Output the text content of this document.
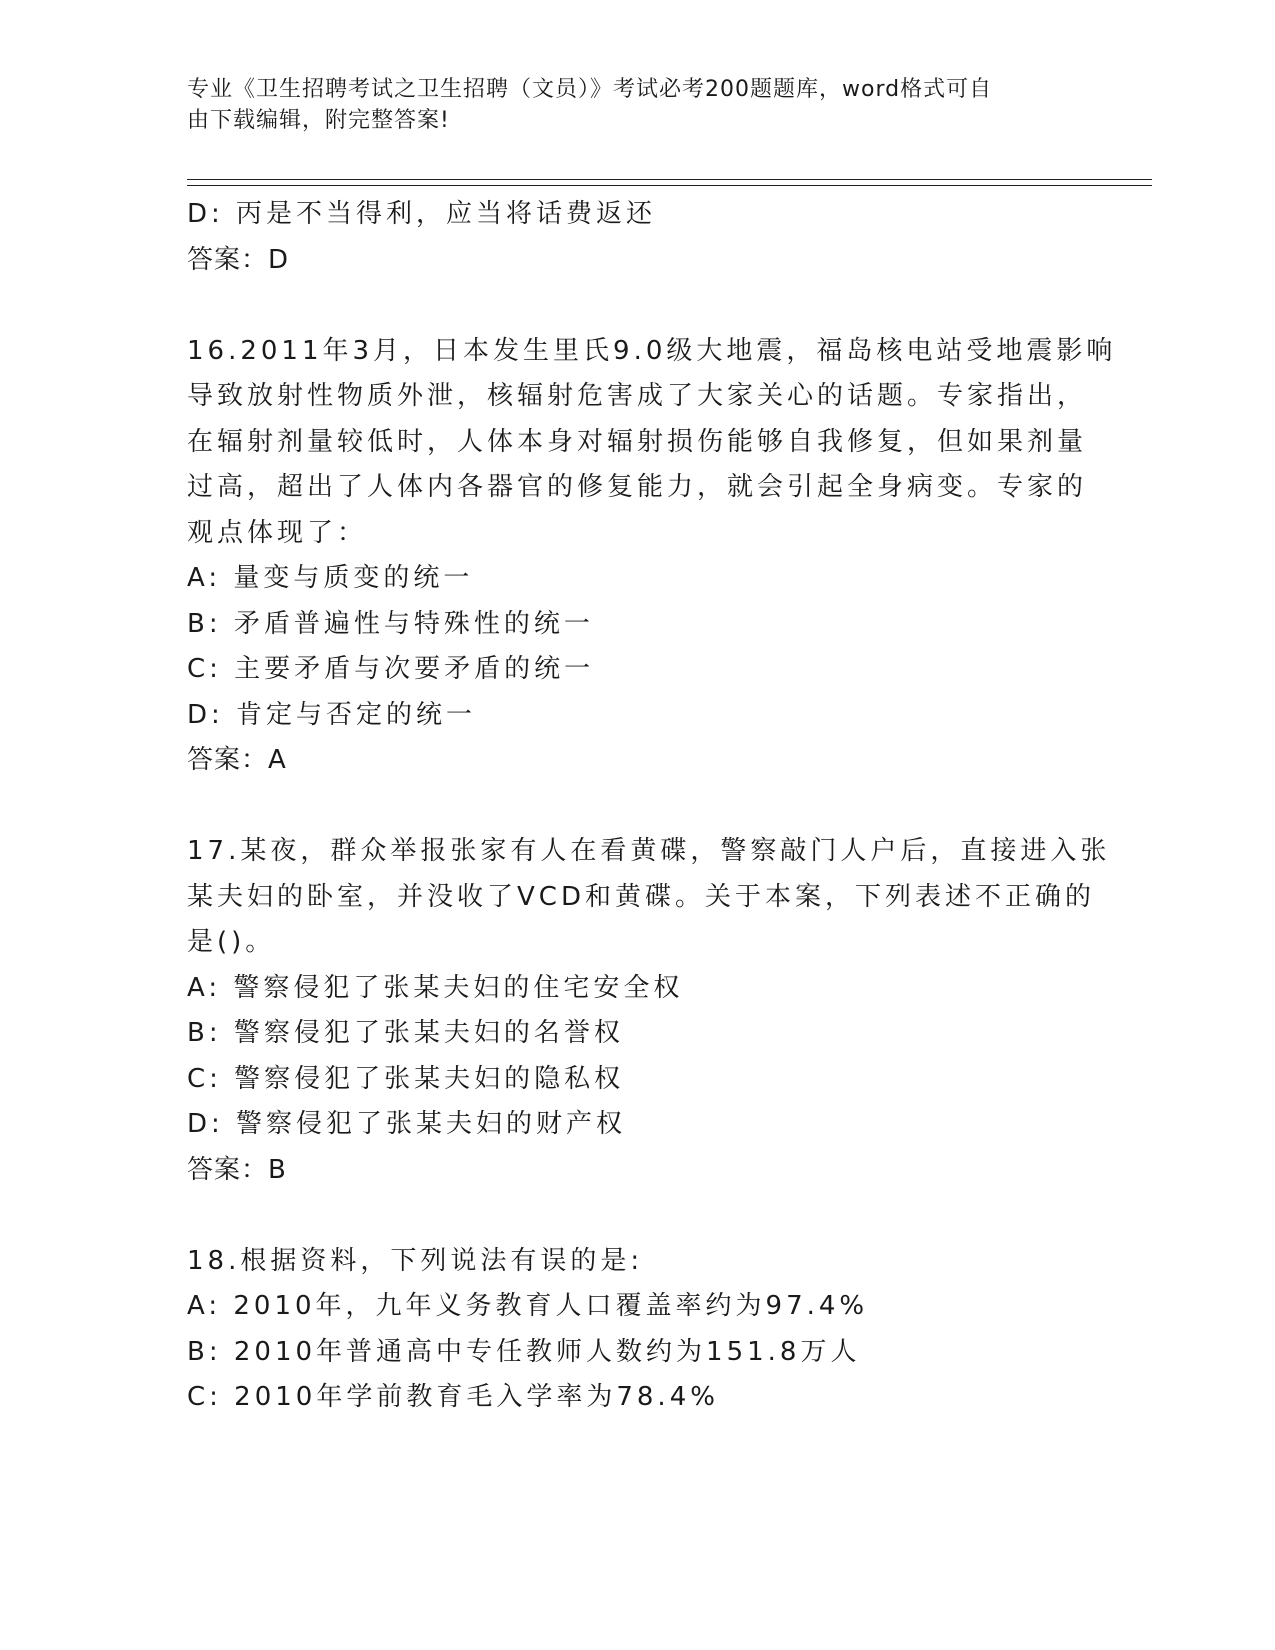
专业《卫生招聘考试之卫生招聘（文员）》考试必考200题题库，word格式可自
由下载编辑，附完整答案!
D: 丙是不当得利，应当将话费返还
答案：D
16.2011年3月，日本发生里氏9.0级大地震，福岛核电站受地震影响
导致放射性物质外泄，核辐射危害成了大家关心的话题。专家指出，
在辐射剂量较低时，人体本身对辐射损伤能够自我修复，但如果剂量
过高，超出了人体内各器官的修复能力，就会引起全身病变。专家的
观点体现了：
A: 量变与质变的统一
B: 矛盾普遍性与特殊性的统一
C: 主要矛盾与次要矛盾的统一
D: 肯定与否定的统一
答案：A
17.某夜，群众举报张家有人在看黄碟，警察敲门人户后，直接进入张
某夫妇的卧室，并没收了VCD和黄碟。关于本案，下列表述不正确的
是()。
A: 警察侵犯了张某夫妇的住宅安全权
B: 警察侵犯了张某夫妇的名誉权
C: 警察侵犯了张某夫妇的隐私权
D: 警察侵犯了张某夫妇的财产权
答案：B
18.根据资料，下列说法有误的是:
A: 2010年，九年义务教育人口覆盖率约为97.4%
B: 2010年普通高中专任教师人数约为151.8万人
C: 2010年学前教育毛入学率为78.4%
